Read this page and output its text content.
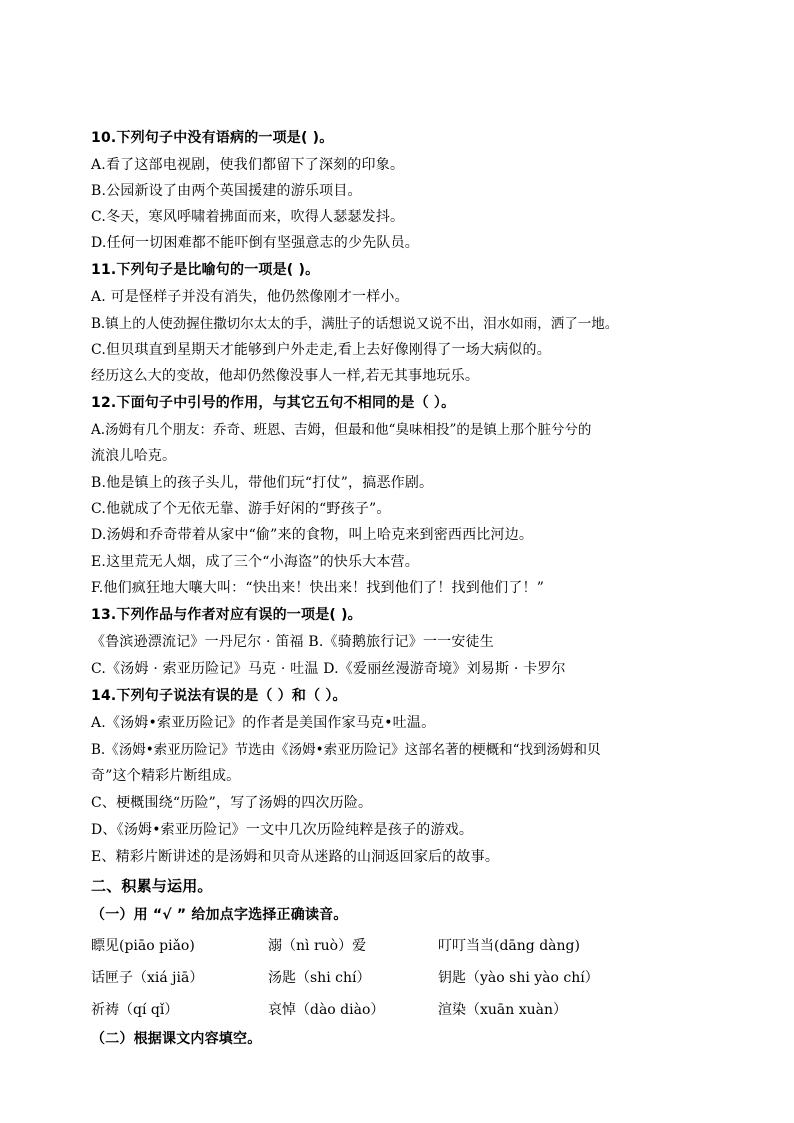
10.下列句子中没有语病的一项是( )。
A.看了这部电视剧，使我们都留下了深刻的印象。
B.公园新设了由两个英国援建的游乐项目。
C.冬天，寒风呼啸着拂面而来，吹得人瑟瑟发抖。
D.任何一切困难都不能吓倒有坚强意志的少先队员。
11.下列句子是比喻句的一项是( )。
A. 可是怪样子并没有消失，他仍然像刚才一样小。
B.镇上的人使劲握住撒切尔太太的手，满肚子的话想说又说不出，泪水如雨，洒了一地。
C.但贝琪直到星期天才能够到户外走走,看上去好像刚得了一场大病似的。
经历这么大的变故，他却仍然像没事人一样,若无其事地玩乐。
12.下面句子中引号的作用，与其它五句不相同的是（ ）。
A.汤姆有几个朋友：乔奇、班恩、吉姆，但最和他“臭味相投”的是镇上那个脏兮兮的
流浪儿哈克。
B.他是镇上的孩子头儿，带他们玩“打仗”，搞恶作剧。
C.他就成了个无依无靠、游手好闲的“野孩子”。
D.汤姆和乔奇带着从家中“偷”来的食物，叫上哈克来到密西西比河边。
E.这里荒无人烟，成了三个“小海盗”的快乐大本营。
F.他们疯狂地大嚷大叫：“快出来！快出来！找到他们了！找到他们了！”
13.下列作品与作者对应有误的一项是( )。
《鲁滨逊漂流记》一丹尼尔 · 笛福 B.《骑鹅旅行记》一一安徒生
C.《汤姆 · 索亚历险记》马克 · 吐温 D.《爱丽丝漫游奇境》刘易斯 · 卡罗尔
14.下列句子说法有误的是（ ）和（ ）。
A.《汤姆•索亚历险记》的作者是美国作家马克•吐温。
B.《汤姆•索亚历险记》节选由《汤姆•索亚历险记》这部名著的梗概和“找到汤姆和贝
奇”这个精彩片断组成。
C、梗概围绕“历险”，写了汤姆的四次历险。
D、《汤姆•索亚历险记》一文中几次历险纯粹是孩子的游戏。
E、精彩片断讲述的是汤姆和贝奇从迷路的山洞返回家后的故事。
二、积累与运用。
（一）用 “√ ” 给加点字选择正确读音。
瞟见(piāo piǎo)	溺（nì ruò）爱	叮叮当当(dāng dàng)
话匣子（xiá jiā）	汤匙（shi chí）	钥匙（yào shi yào chí）
祈祷（qí qǐ）	哀悼（dào diào）	渲染（xuān xuàn）
（二）根据课文内容填空。
